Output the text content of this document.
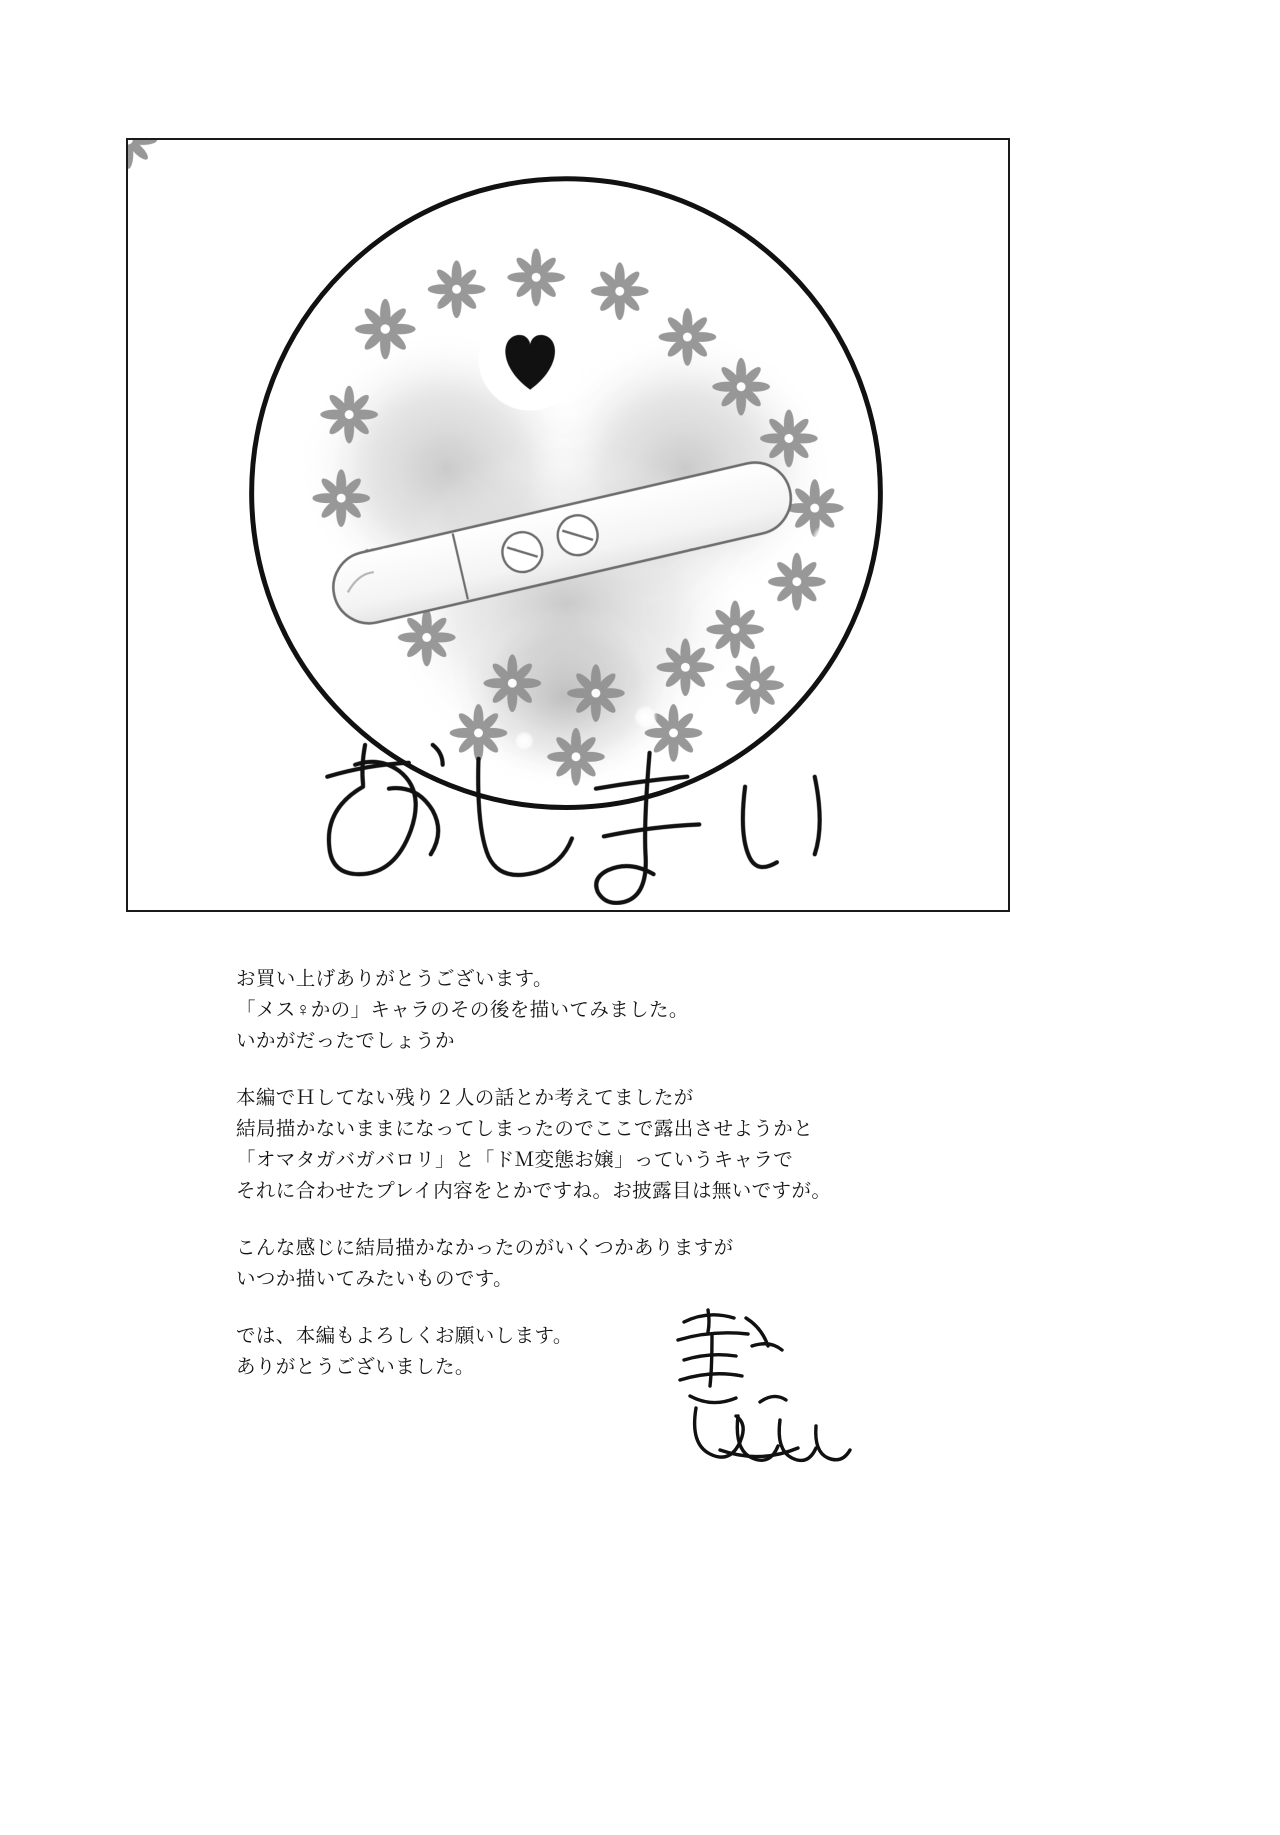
お買い上げありがとうございます。
「メス♀かの」キャラのその後を描いてみました。
いかがだったでしょうか
本編でＨしてない残り２人の話とか考えてましたが
結局描かないままになってしまったのでここで露出させようかと
「オマタガバガバロリ」と「ドＭ変態お嬢」っていうキャラで
それに合わせたプレイ内容をとかですね。お披露目は無いですが。
こんな感じに結局描かなかったのがいくつかありますが
いつか描いてみたいものです。
では、本編もよろしくお願いします。
ありがとうございました。
